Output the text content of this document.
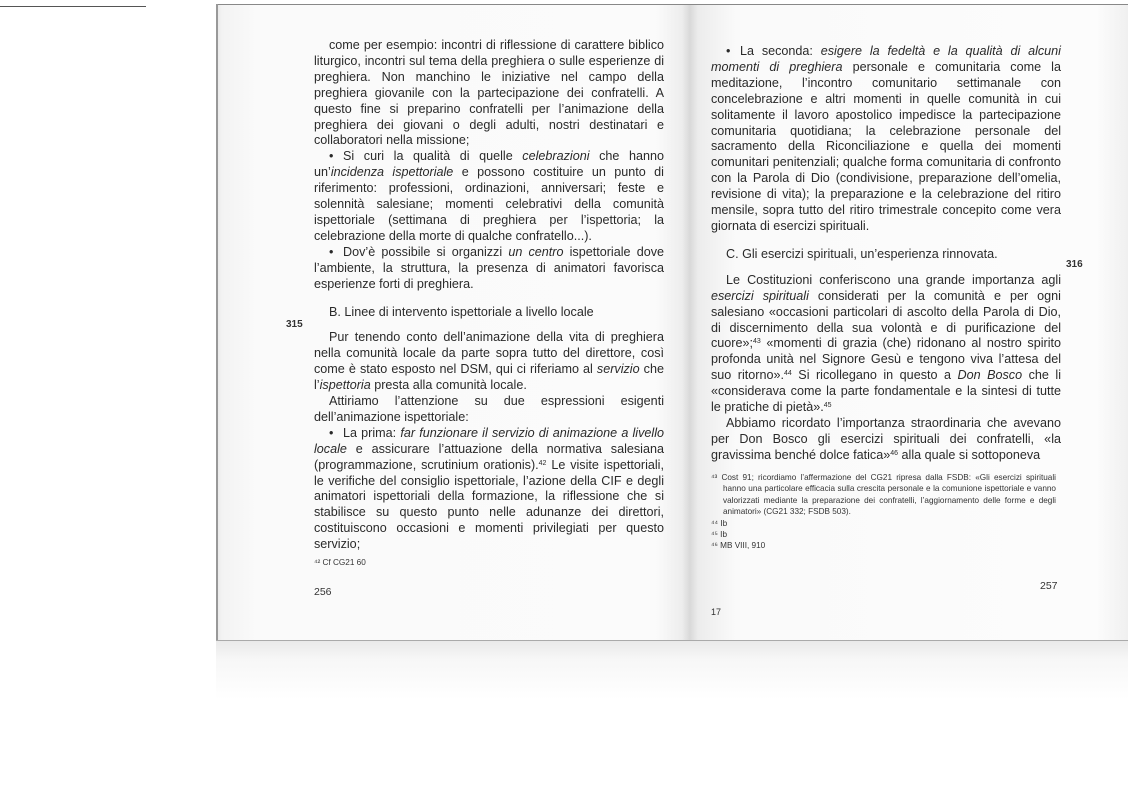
come per esempio: incontri di riflessione di carattere biblico liturgico, incontri sul tema della preghiera o sulle esperienze di preghiera. Non manchino le iniziative nel campo della preghiera giovanile con la partecipazione dei confratelli. A questo fine si preparino confratelli per l’animazione della preghiera dei giovani o degli adulti, nostri destinatari e collaboratori nella missione;

• Si curi la qualità di quelle celebrazioni che hanno un’incidenza ispettoriale e possono costituire un punto di riferimento: professioni, ordinazioni, anniversari; feste e solennità salesiane; momenti celebrativi della comunità ispettoriale (settimana di preghiera per l’ispettoria; la celebrazione della morte di qualche confratello...).

• Dov’è possibile si organizzi un centro ispettoriale dove l’ambiente, la struttura, la presenza di animatori favorisca esperienze forti di preghiera.

B. Linee di intervento ispettoriale a livello locale

Pur tenendo conto dell’animazione della vita di preghiera nella comunità locale da parte sopra tutto del direttore, così come è stato esposto nel DSM, qui ci riferiamo al servizio che l’ispettoria presta alla comunità locale.

Attiriamo l’attenzione su due espressioni esigenti dell’animazione ispettoriale:

• La prima: far funzionare il servizio di animazione a livello locale e assicurare l’attuazione della normativa salesiana (programmazione, scrutinium orationis).$^{42}$ Le visite ispettoriali, le verifiche del consiglio ispettoriale, l’azione della CIF e degli animatori ispettoriali della formazione, la riflessione che si stabilisce su questo punto nelle adunanze dei direttori, costituiscono occasioni e momenti privilegiati per questo servizio;

315
⁴² Cf CG21 60
256

• La seconda: esigere la fedeltà e la qualità di alcuni momenti di preghiera personale e comunitaria come la meditazione, l’incontro comunitario settimanale con concelebrazione e altri momenti in quelle comunità in cui solitamente il lavoro apostolico impedisce la partecipazione comunitaria quotidiana; la celebrazione personale del sacramento della Riconciliazione e quella dei momenti comunitari penitenziali; qualche forma comunitaria di confronto con la Parola di Dio (condivisione, preparazione dell’omelia, revisione di vita); la preparazione e la celebrazione del ritiro mensile, sopra tutto del ritiro trimestrale concepito come vera giornata di esercizi spirituali.

C. Gli esercizi spirituali, un’esperienza rinnovata.

Le Costituzioni conferiscono una grande importanza agli esercizi spirituali considerati per la comunità e per ogni salesiano «occasioni particolari di ascolto della Parola di Dio, di discernimento della sua volontà e di purificazione del cuore»;$^{43}$ «momenti di grazia (che) ridonano al nostro spirito profonda unità nel Signore Gesù e tengono viva l’attesa del suo ritorno».$^{44}$ Si ricollegano in questo a Don Bosco che li «considerava come la parte fondamentale e la sintesi di tutte le pratiche di pietà».$^{45}$

Abbiamo ricordato l’importanza straordinaria che avevano per Don Bosco gli esercizi spirituali dei confratelli, «la gravissima benché dolce fatica»$^{46}$ alla quale si sottoponeva

316
⁴³ Cost 91; ricordiamo l’affermazione del CG21 ripresa dalla FSDB: «Gli esercizi spirituali hanno una particolare efficacia sulla crescita personale e la comunione ispettoriale e vanno valorizzati mediante la preparazione dei confratelli, l’aggiornamento delle forme e degli animatori» (CG21 332; FSDB 503).
⁴⁴ Ib
⁴⁵ Ib
⁴⁶ MB VIII, 910
257
17
